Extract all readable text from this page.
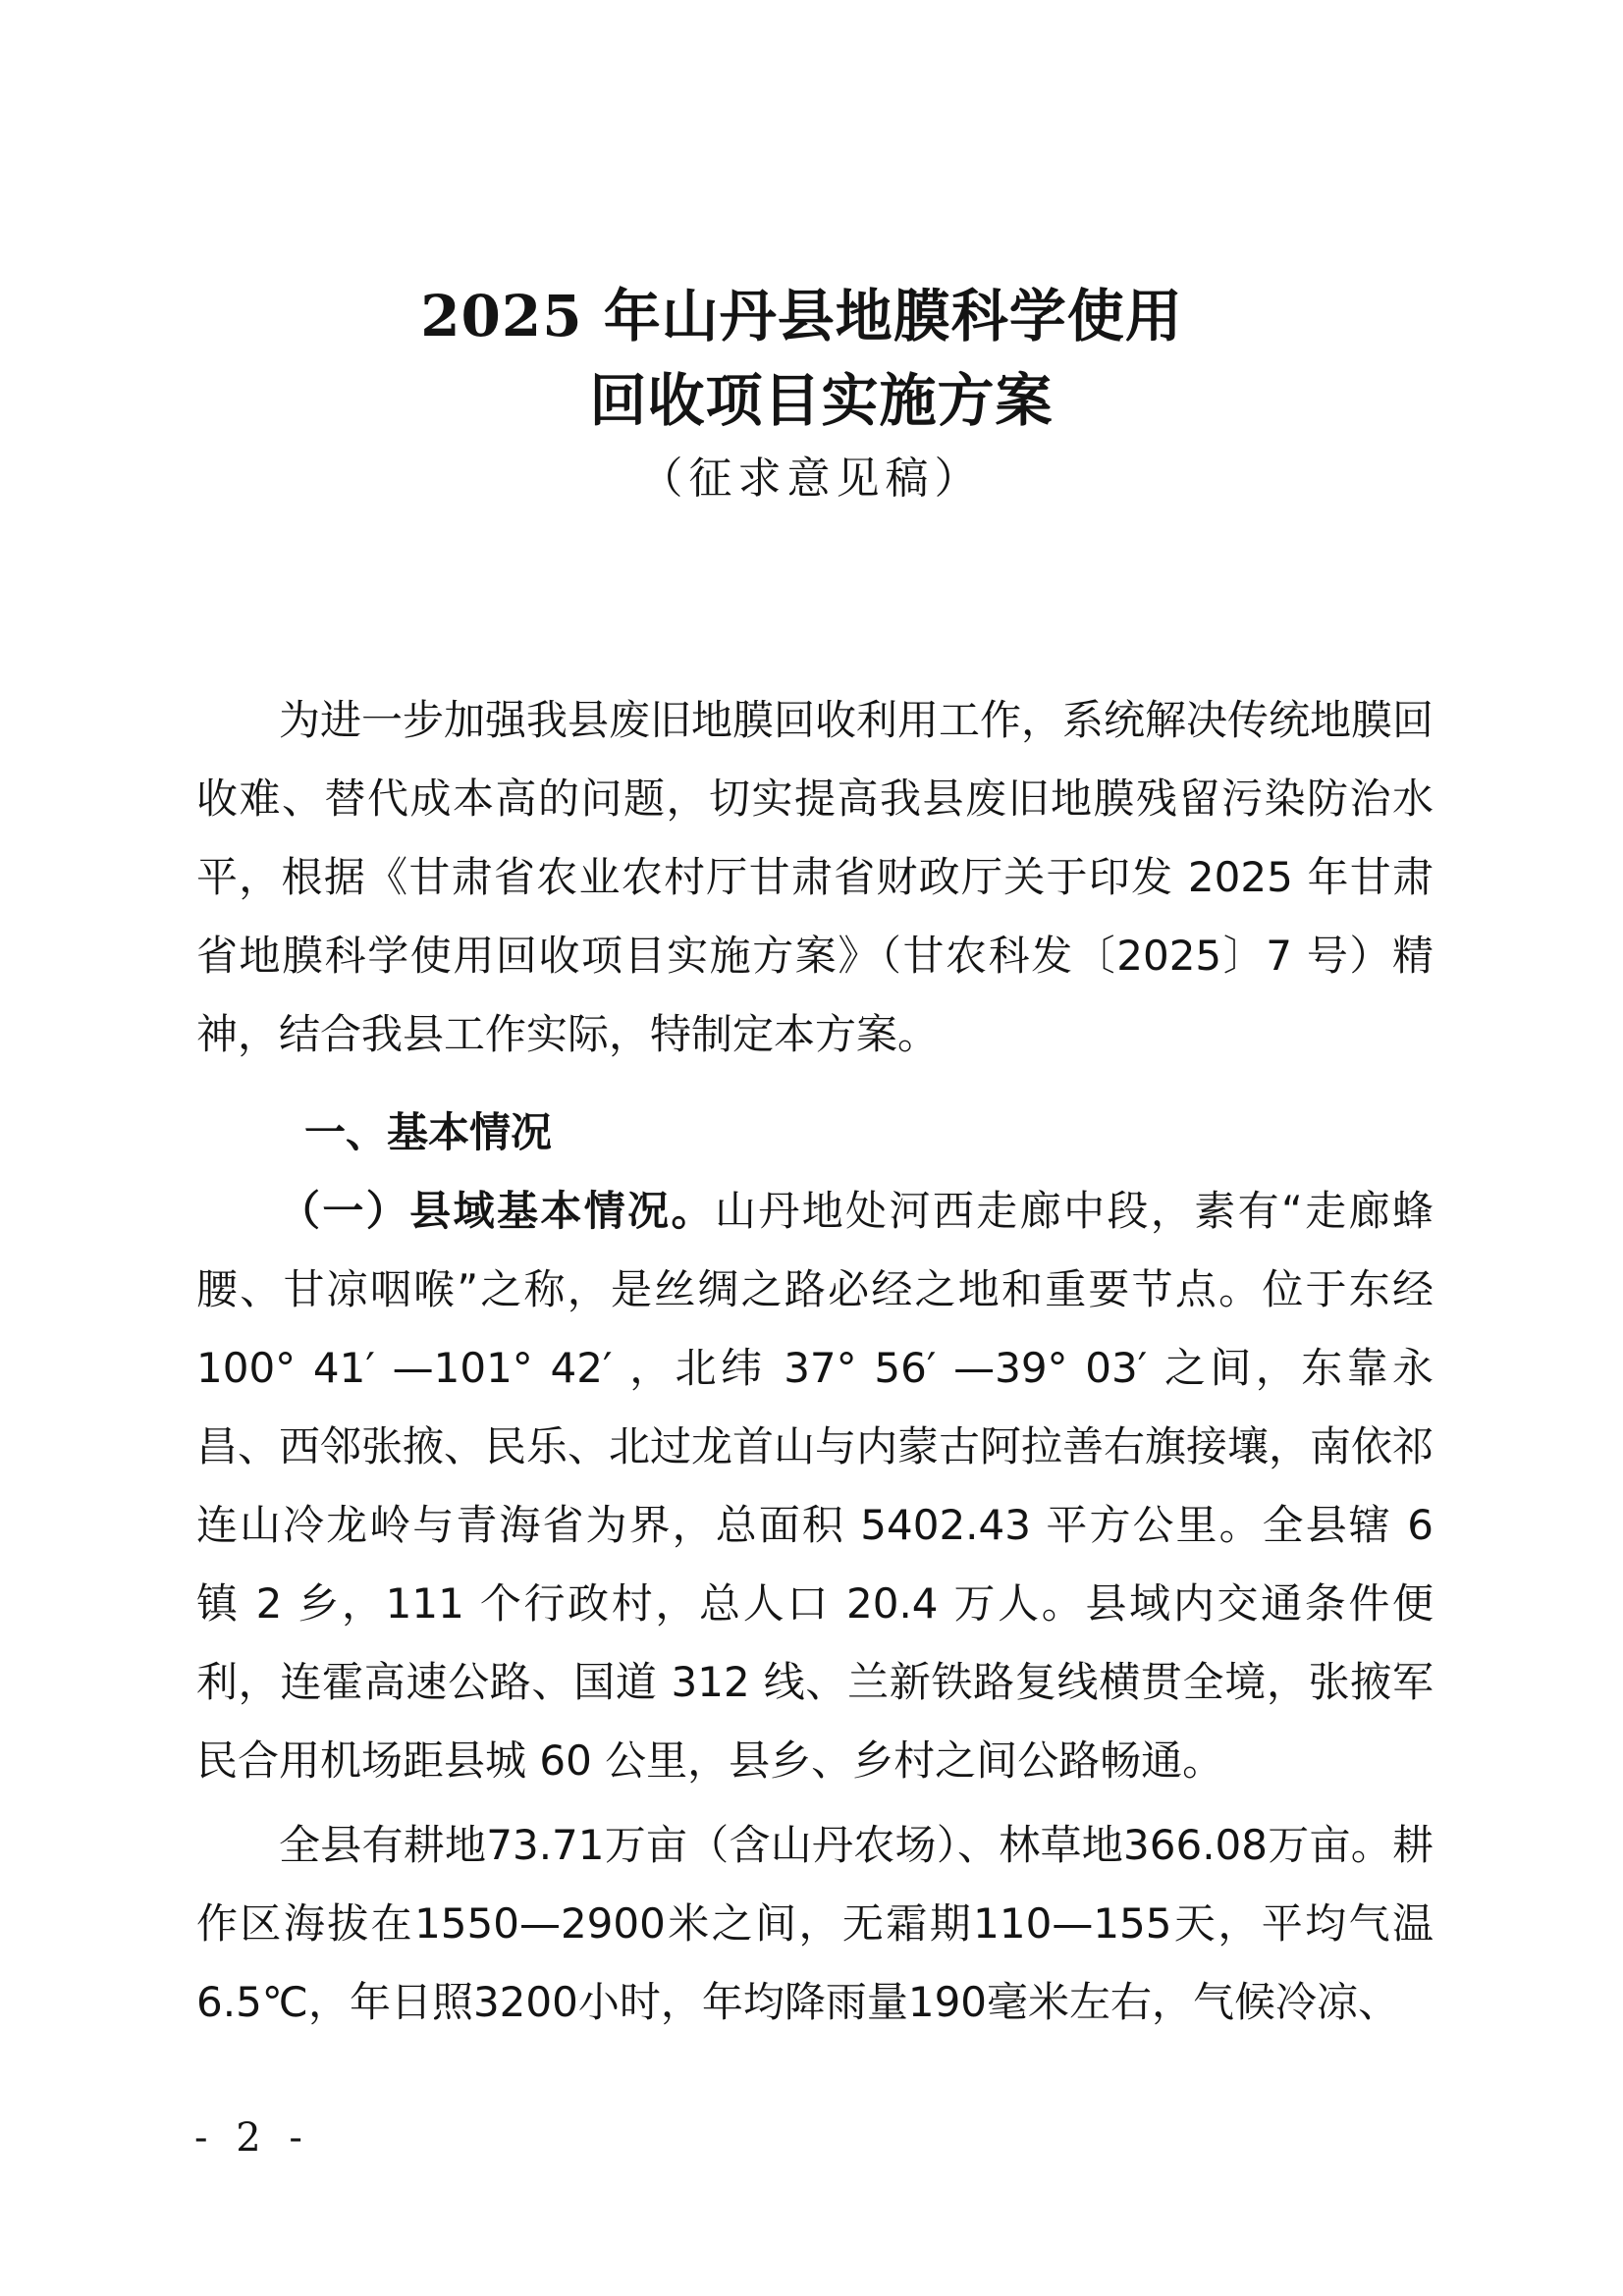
2025 年山丹县地膜科学使用
回收项目实施方案
（征求意见稿）

为进一步加强我县废旧地膜回收利用工作，系统解决传统地膜回收难、替代成本高的问题，切实提高我县废旧地膜残留污染防治水平，根据《甘肃省农业农村厅甘肃省财政厅关于印发 2025 年甘肃省地膜科学使用回收项目实施方案》（甘农科发〔2025〕7 号）精神，结合我县工作实际，特制定本方案。

一、基本情况

（一）县域基本情况。山丹地处河西走廊中段，素有“走廊蜂腰、甘凉咽喉”之称，是丝绸之路必经之地和重要节点。位于东经 100° 41′ —101° 42′ ，北纬 37° 56′ —39° 03′ 之间，东靠永昌、西邻张掖、民乐、北过龙首山与内蒙古阿拉善右旗接壤，南依祁连山冷龙岭与青海省为界，总面积 5402.43 平方公里。全县辖 6 镇 2 乡，111 个行政村，总人口 20.4 万人。县域内交通条件便利，连霍高速公路、国道 312 线、兰新铁路复线横贯全境，张掖军民合用机场距县城 60 公里，县乡、乡村之间公路畅通。

全县有耕地73.71万亩（含山丹农场）、林草地366.08万亩。耕作区海拔在1550—2900米之间，无霜期110—155天，平均气温6.5℃，年日照3200小时，年均降雨量190毫米左右，气候冷凉、

- 2 -
